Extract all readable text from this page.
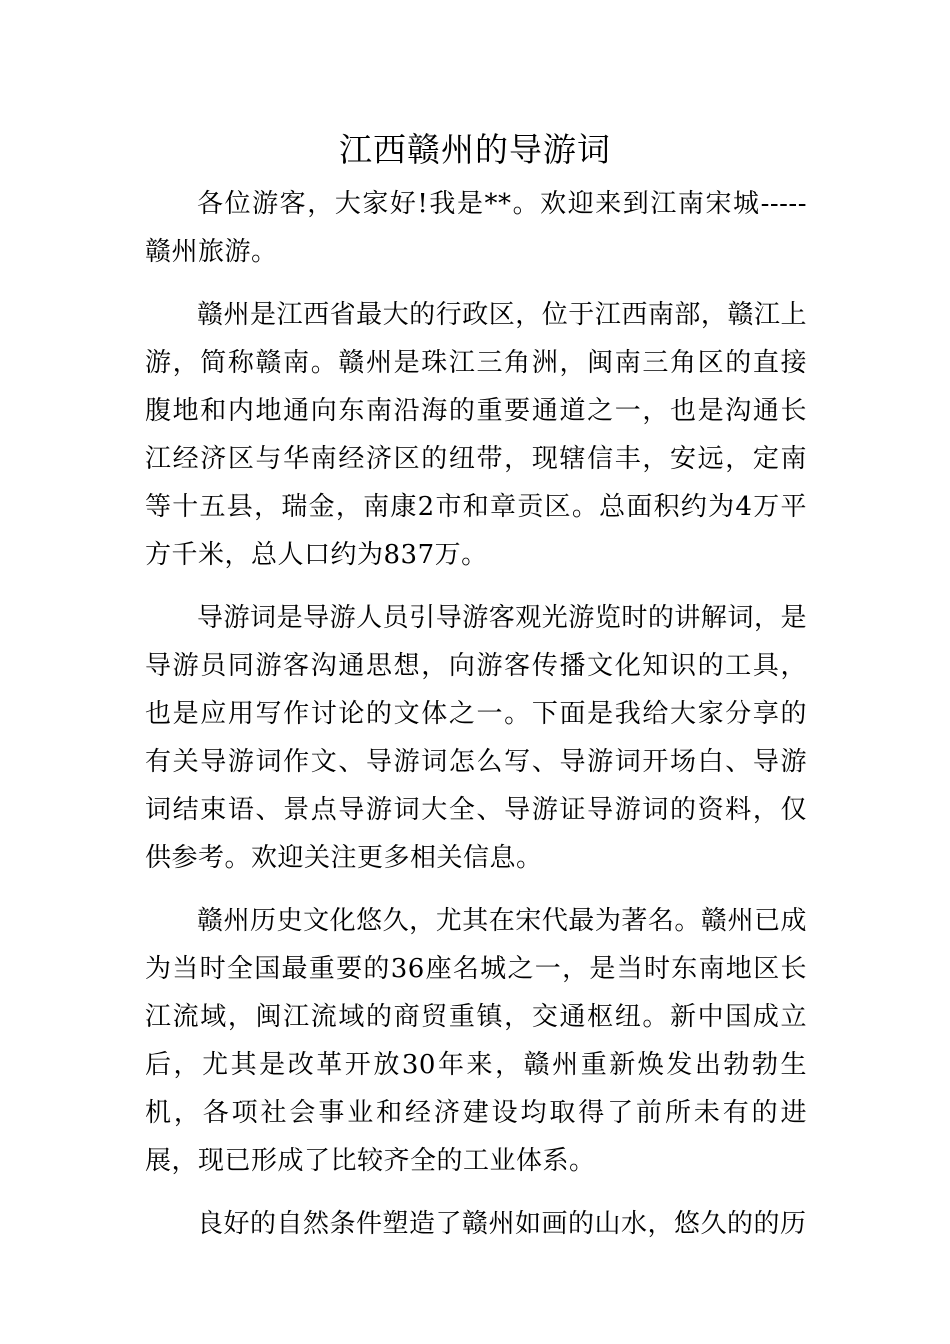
江西赣州的导游词

各位游客，大家好!我是**。欢迎来到江南宋城-----赣州旅游。

赣州是江西省最大的行政区，位于江西南部，赣江上游，简称赣南。赣州是珠江三角洲，闽南三角区的直接腹地和内地通向东南沿海的重要通道之一，也是沟通长江经济区与华南经济区的纽带，现辖信丰，安远，定南等十五县，瑞金，南康2市和章贡区。总面积约为4万平方千米，总人口约为837万。

导游词是导游人员引导游客观光游览时的讲解词，是导游员同游客沟通思想，向游客传播文化知识的工具，也是应用写作讨论的文体之一。下面是我给大家分享的有关导游词作文、导游词怎么写、导游词开场白、导游词结束语、景点导游词大全、导游证导游词的资料，仅供参考。欢迎关注更多相关信息。

赣州历史文化悠久，尤其在宋代最为著名。赣州已成为当时全国最重要的36座名城之一，是当时东南地区长江流域，闽江流域的商贸重镇，交通枢纽。新中国成立后，尤其是改革开放30年来，赣州重新焕发出勃勃生机，各项社会事业和经济建设均取得了前所未有的进展，现已形成了比较齐全的工业体系。

良好的自然条件塑造了赣州如画的山水，悠久的的历
